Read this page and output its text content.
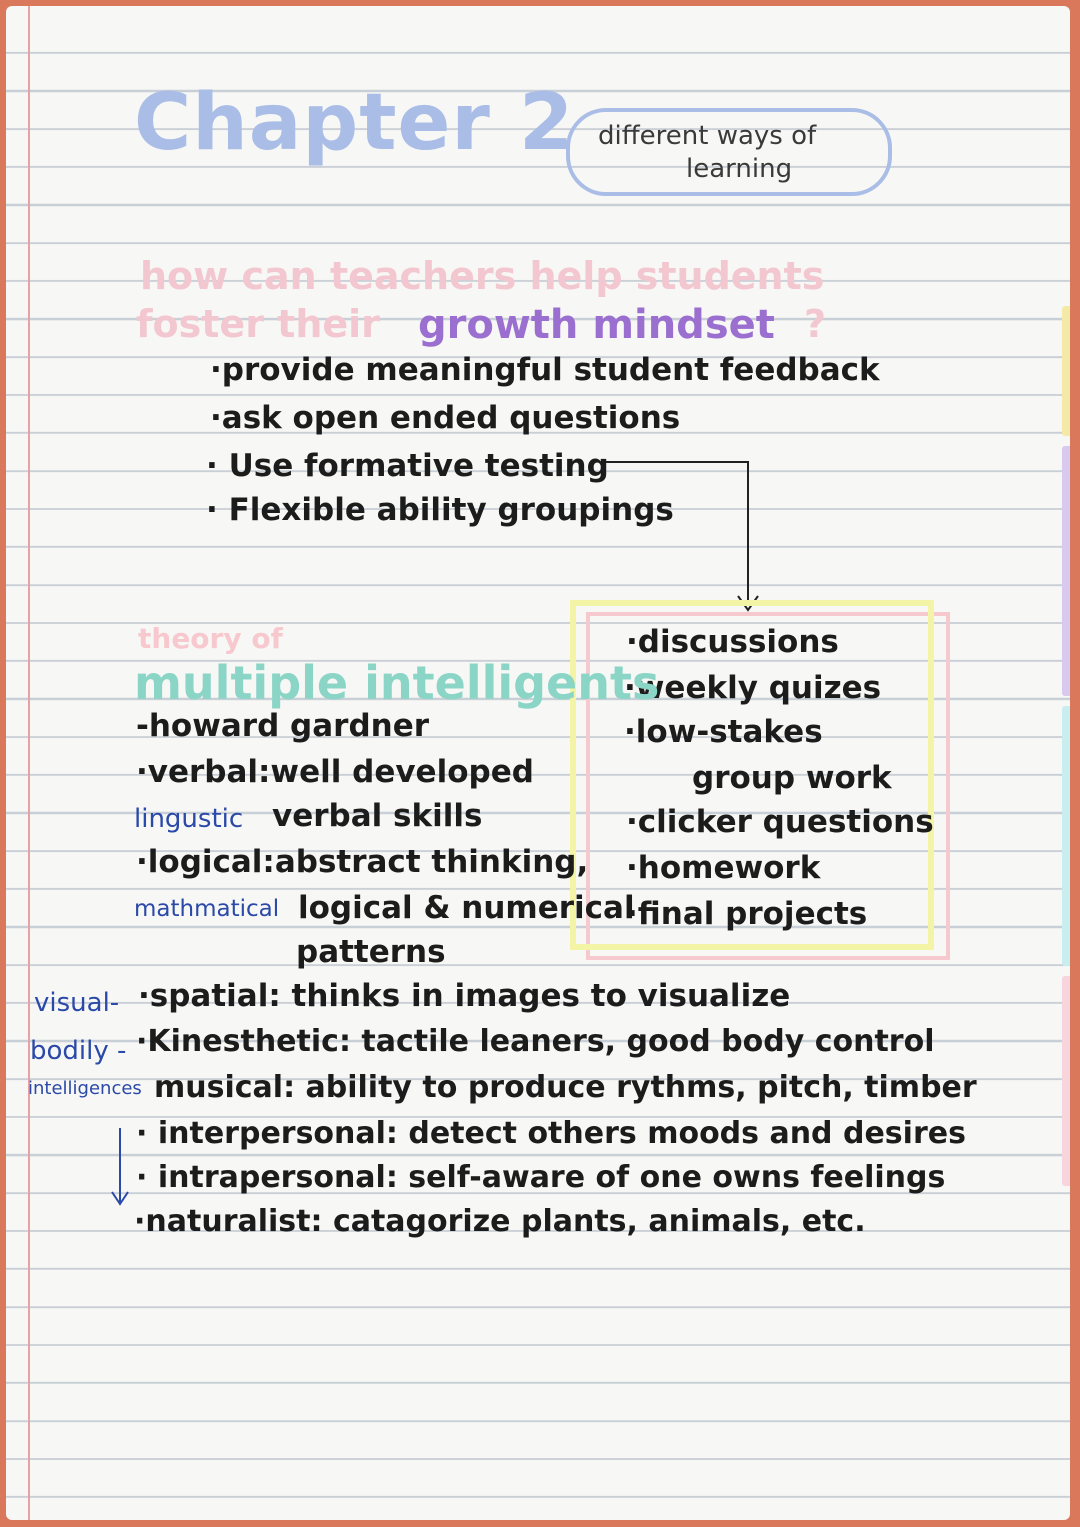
Chapter 2 different ways of
learning
how can teachers help students
foster their growth mindset ?
·provide meaningful student feedback
·ask open ended questions
· Use formative testing
· Flexible ability groupings
·discussions
·weekly quizes
·low-stakes
group work
·clicker questions
·homework
·final projects
theory of
multiple intelligents
-howard gardner
·verbal:well developed
lingustic verbal skills
·logical:abstract thinking,
mathmatical logical & numerical
patterns
visual- ·spatial: thinks in images to visualize
bodily - ·Kinesthetic: tactile leaners, good body control
intelligences musical: ability to produce rythms, pitch, timber
· interpersonal: detect others moods and desires
· intrapersonal: self-aware of one owns feelings
·naturalist: catagorize plants, animals, etc.
